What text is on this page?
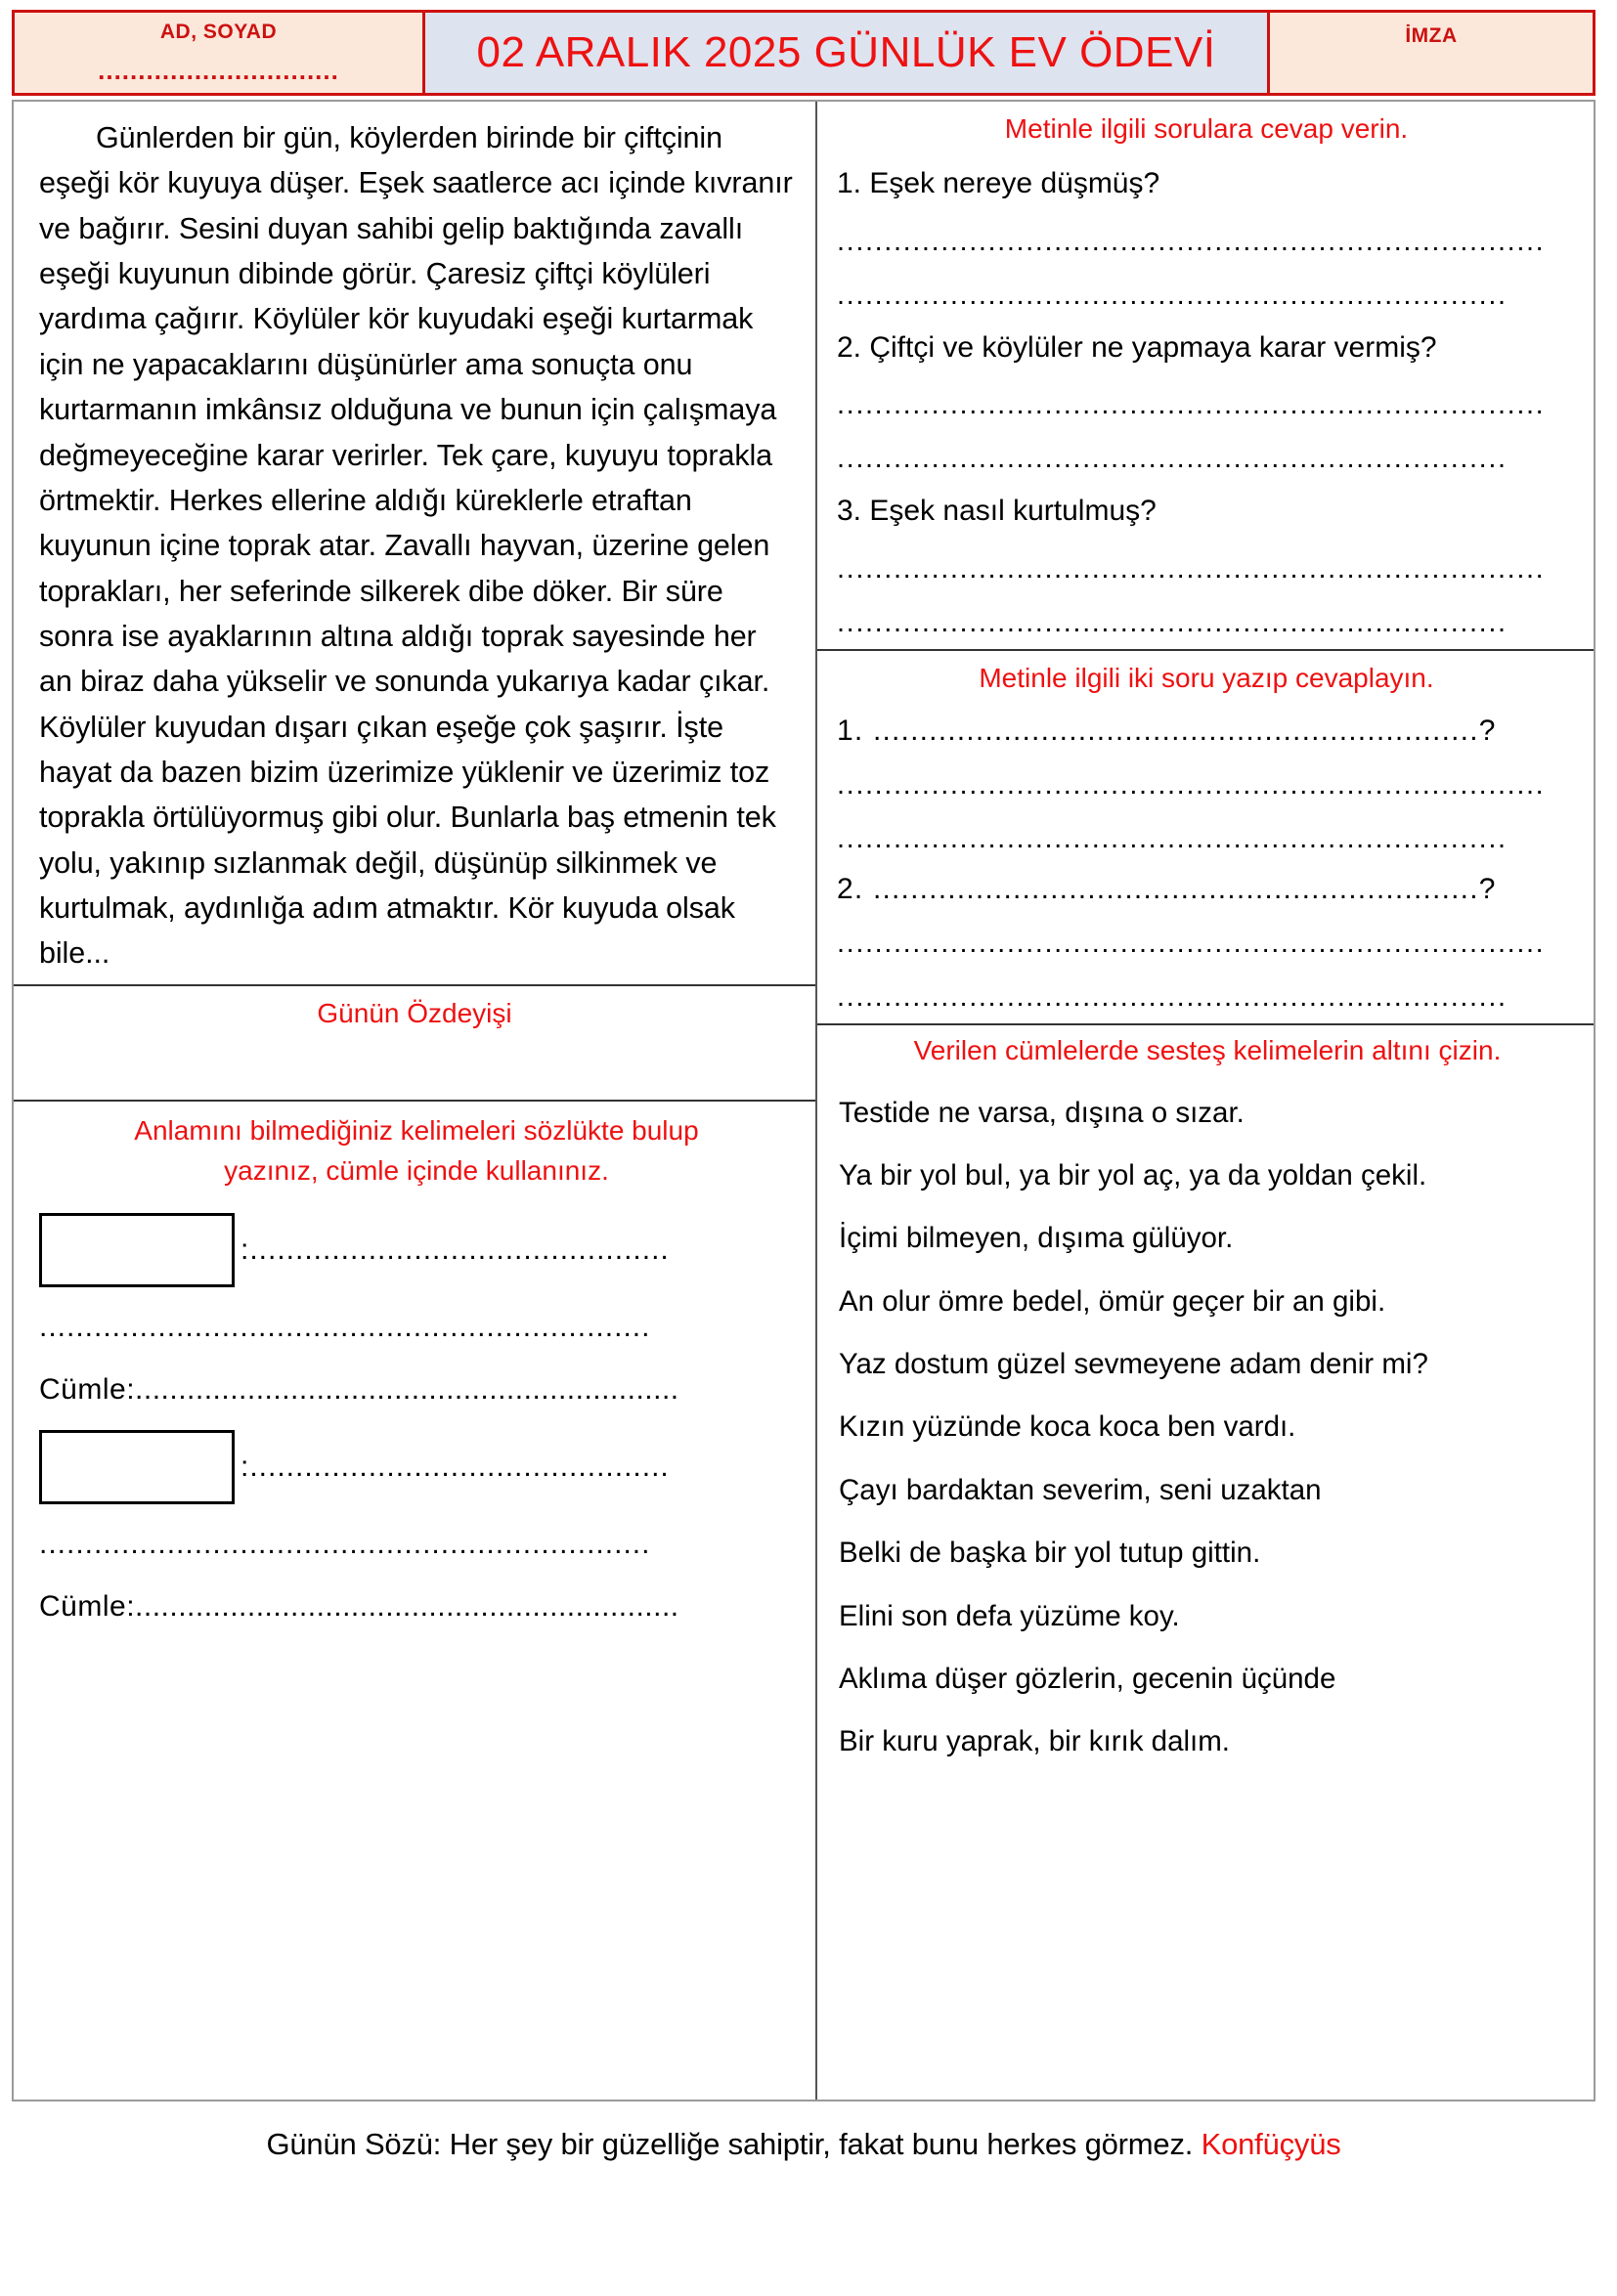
AD, SOYAD
..............................	02 ARALIK 2025 GÜNLÜK EV ÖDEVİ	İMZA
Günlerden bir gün, köylerden birinde bir çiftçinin eşeği kör kuyuya düşer. Eşek saatlerce acı içinde kıvranır ve bağırır. Sesini duyan sahibi gelip baktığında zavallı eşeği kuyunun dibinde görür. Çaresiz çiftçi köylüleri yardıma çağırır. Köylüler kör kuyudaki eşeği kurtarmak için ne yapacaklarını düşünürler ama sonuçta onu kurtarmanın imkânsız olduğuna ve bunun için çalışmaya değmeyeceğine karar verirler. Tek çare, kuyuyu toprakla örtmektir. Herkes ellerine aldığı küreklerle etraftan kuyunun içine toprak atar. Zavallı hayvan, üzerine gelen toprakları, her seferinde silkerek dibe döker. Bir süre sonra ise ayaklarının altına aldığı toprak sayesinde her an biraz daha yükselir ve sonunda yukarıya kadar çıkar. Köylüler kuyudan dışarı çıkan eşeğe çok şaşırır. İşte hayat da bazen bizim üzerimize yüklenir ve üzerimiz toz toprakla örtülüyormuş gibi olur. Bunlarla baş etmenin tek yolu, yakınıp sızlanmak değil, düşünüp silkinmek ve kurtulmak, aydınlığa adım atmaktır. Kör kuyuda olsak bile...
Günün Özdeyişi
Anlamını bilmediğiniz kelimeleri sözlükte bulup
yazınız, cümle içinde kullanınız.
:..............................................
...................................................................
Cümle:...............................................................
:..............................................
...................................................................
Cümle:...............................................................
Metinle ilgili sorulara cevap verin.
1. Eşek nereye düşmüş?
...........................................................................
.......................................................................
2. Çiftçi ve köylüler ne yapmaya karar vermiş?
...........................................................................
.......................................................................
3. Eşek nasıl kurtulmuş?
...........................................................................
.......................................................................
Metinle ilgili iki soru yazıp cevaplayın.
1. .................................................................?
...........................................................................
.......................................................................
2. .................................................................?
...........................................................................
.......................................................................
Verilen cümlelerde sesteş kelimelerin altını çizin.
Testide ne varsa, dışına o sızar.
Ya bir yol bul, ya bir yol aç, ya da yoldan çekil.
İçimi bilmeyen, dışıma gülüyor.
An olur ömre bedel, ömür geçer bir an gibi.
Yaz dostum güzel sevmeyene adam denir mi?
Kızın yüzünde koca koca ben vardı.
Çayı bardaktan severim, seni uzaktan
Belki de başka bir yol tutup gittin.
Elini son defa yüzüme koy.
Aklıma düşer gözlerin, gecenin üçünde
Bir kuru yaprak, bir kırık dalım.
Günün Sözü: Her şey bir güzelliğe sahiptir, fakat bunu herkes görmez. Konfüçyüs
